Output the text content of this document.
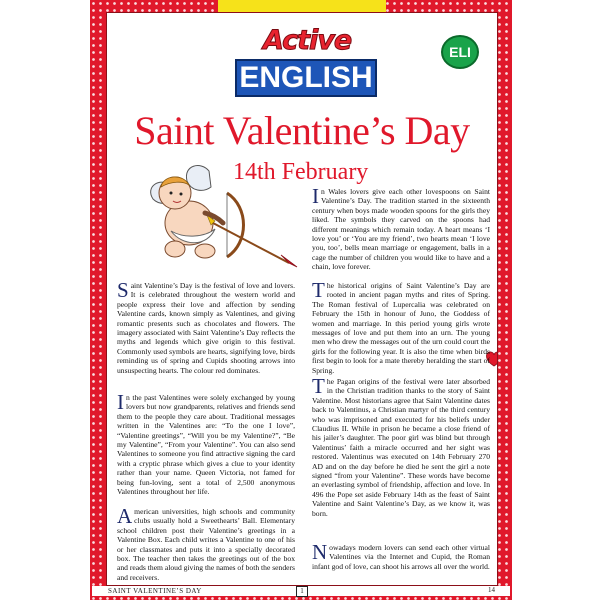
Active
ENGLISH
ELI
Saint Valentine’s Day
14th February
Saint Valentine’s Day is the festival of love and lovers. It is celebrated throughout the western world and people express their love and affection by sending Valentine cards, known simply as Valentines, and giving romantic presents such as chocolates and flowers. The imagery associated with Saint Valentine’s Day reflects the myths and legends which give origin to this festival. Commonly used symbols are hearts, signifying love, birds reminding us of spring and Cupids shooting arrows into unsuspecting hearts. The colour red dominates.
In the past Valentines were solely exchanged by young lovers but now grandparents, relatives and friends send them to the people they care about. Traditional messages written in the Valentines are: “To the one I love”, “Valentine greetings”, “Will you be my Valentine?”, “Be my Valentine”, “From your Valentine”. You can also send Valentines to someone you find attractive signing the card with a cryptic phrase which gives a clue to your identity rather than your name. Queen Victoria, not famed for being fun-loving, sent a total of 2,500 anonymous Valentines throughout her life.
American universities, high schools and community clubs usually hold a Sweethearts’ Ball. Elementary school children post their Valentine’s greetings in a Valentine Box. Each child writes a Valentine to one of his or her classmates and puts it into a specially decorated box. The teacher then takes the greetings out of the box and reads them aloud giving the names of both the senders and receivers.
In Wales lovers give each other lovespoons on Saint Valentine’s Day. The tradition started in the sixteenth century when boys made wooden spoons for the girls they liked. The symbols they carved on the spoons had different meanings which remain today. A heart means ‘I love you’ or ‘You are my friend’, two hearts mean ‘I love you, too’, bells mean marriage or engagement, balls in a cage the number of children you would like to have and a chain, love forever.
The historical origins of Saint Valentine’s Day are rooted in ancient pagan myths and rites of Spring. The Roman festival of Lupercalia was celebrated on February the 15th in honour of Juno, the Goddess of women and marriage. In this period young girls wrote messages of love and put them into an urn. The young men who drew the messages out of the urn could court the girls for the following year. It is also the time when birds first begin to look for a mate thereby heralding the start of Spring.
The Pagan origins of the festival were later absorbed in the Christian tradition thanks to the story of Saint Valentine. Most historians agree that Saint Valentine dates back to Valentinus, a Christian martyr of the third century who was imprisoned and executed for his beliefs under Claudius II. While in prison he became a close friend of his jailer’s daughter. The poor girl was blind but through Valentinus’ faith a miracle occurred and her sight was restored. Valentinus was executed on 14th February 270 AD and on the day before he died he sent the girl a note signed “from your Valentine”. These words have become an everlasting symbol of friendship, affection and love. In 496 the Pope set aside February 14th as the feast of Saint Valentine and Saint Valentine’s Day, as we know it, was born.
Nowadays modern lovers can send each other virtual Valentines via the Internet and Cupid, the Roman infant god of love, can shoot his arrows all over the world.
SAINT VALENTINE’S DAY	1	14
